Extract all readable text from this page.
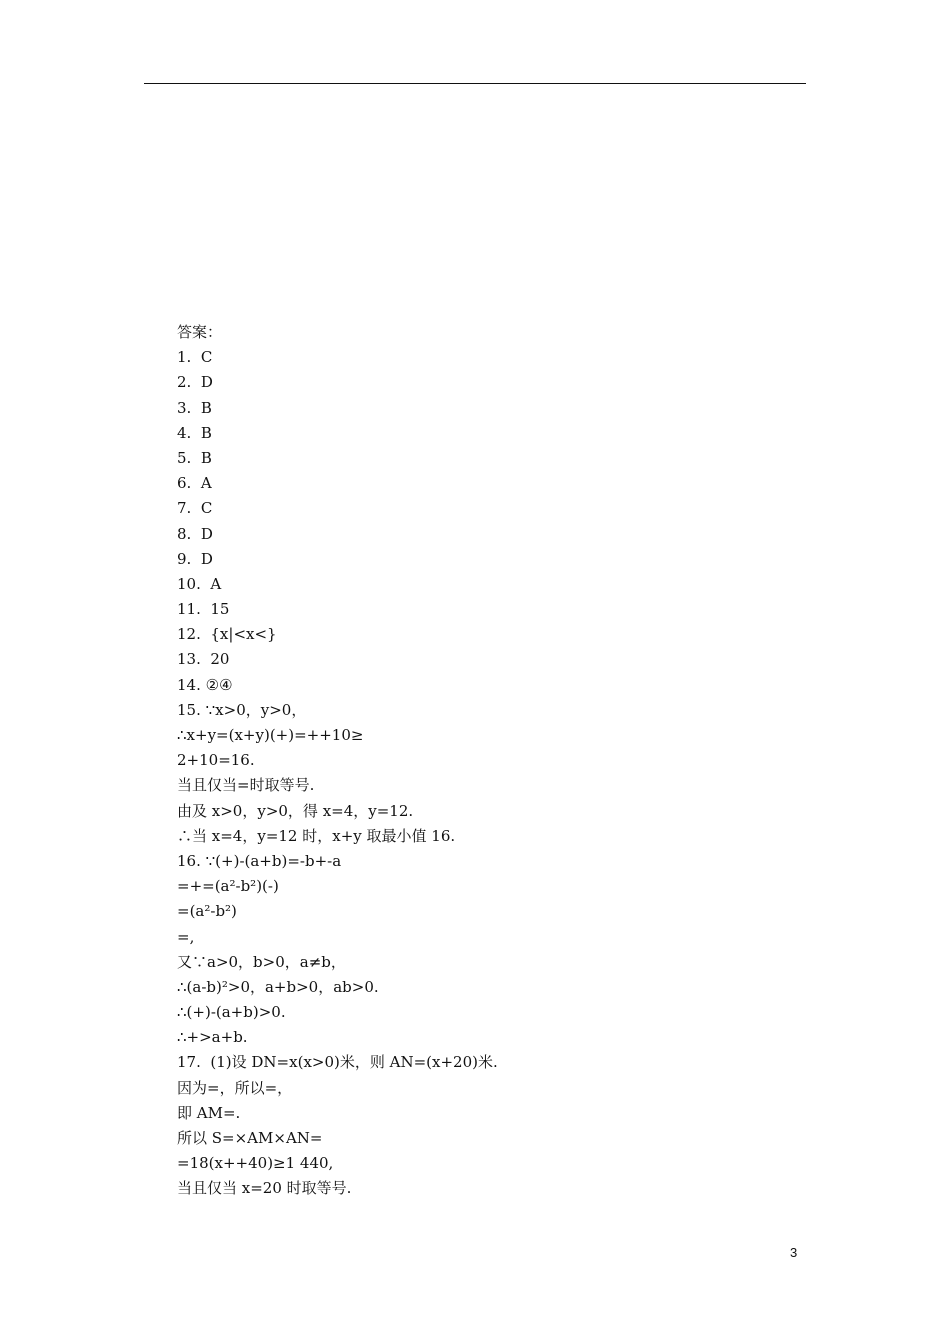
答案：
1.  C
2.  D
3.  B
4.  B
5.  B
6.  A
7.  C
8.  D
9.  D
10.  A
11.  15
12.  {x|<x<}
13.  20
14. ②④
15. ∵x>0，y>0，
∴x+y=(x+y)(+)=++10≥
2+10=16.
当且仅当=时取等号.
由及 x>0，y>0，得 x=4，y=12.
∴当 x=4，y=12 时，x+y 取最小值 16.
16. ∵(+)-(a+b)=-b+-a
=+=(a²-b²)(-)
=(a²-b²)
=,
又∵a>0，b>0，a≠b，
∴(a-b)²>0，a+b>0，ab>0.
∴(+)-(a+b)>0.
∴+>a+b.
17.  (1)设 DN=x(x>0)米，则 AN=(x+20)米.
因为=，所以=，
即 AM=.
所以 S=×AM×AN=
=18(x++40)≥1 440,
当且仅当 x=20 时取等号.
3
